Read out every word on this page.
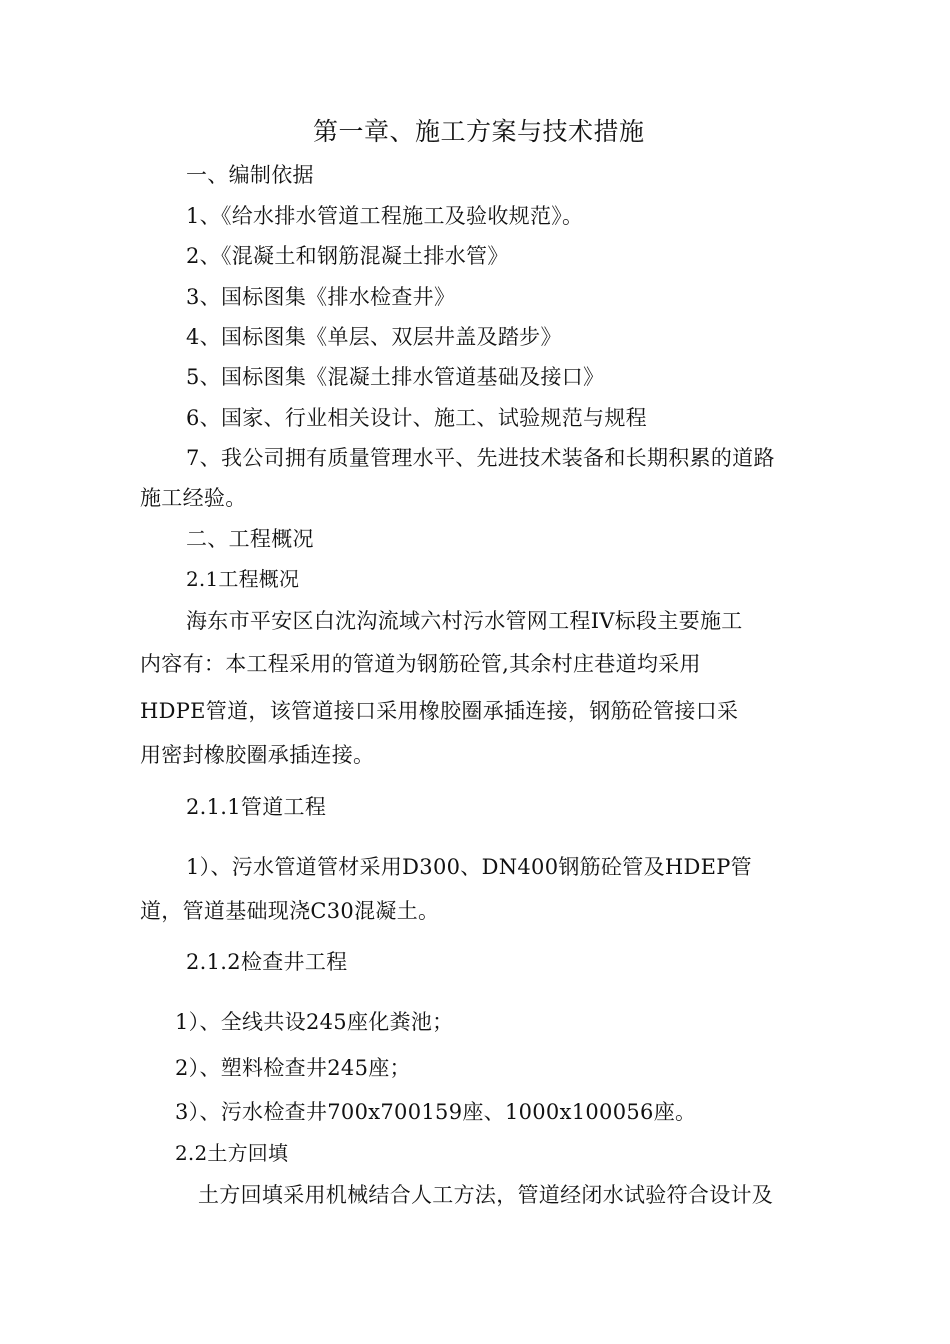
第一章、施工方案与技术措施
一、编制依据
1、《给水排水管道工程施工及验收规范》。
2、《混凝土和钢筋混凝土排水管》
3、国标图集《排水检查井》
4、国标图集《单层、双层井盖及踏步》
5、国标图集《混凝土排水管道基础及接口》
6、国家、行业相关设计、施工、试验规范与规程
7、我公司拥有质量管理水平、先进技术装备和长期积累的道路
施工经验。
二、工程概况
2.1工程概况
海东市平安区白沈沟流域六村污水管网工程IV标段主要施工
内容有：本工程采用的管道为钢筋砼管,其余村庄巷道均采用
HDPE管道，该管道接口采用橡胶圈承插连接，钢筋砼管接口采
用密封橡胶圈承插连接。
2.1.1管道工程
1）、污水管道管材采用D300、DN400钢筋砼管及HDEP管
道，管道基础现浇C30混凝土。
2.1.2检查井工程
1）、全线共设245座化粪池；
2）、塑料检查井245座；
3）、污水检查井700x700159座、1000x100056座。
2.2土方回填
土方回填采用机械结合人工方法，管道经闭水试验符合设计及
